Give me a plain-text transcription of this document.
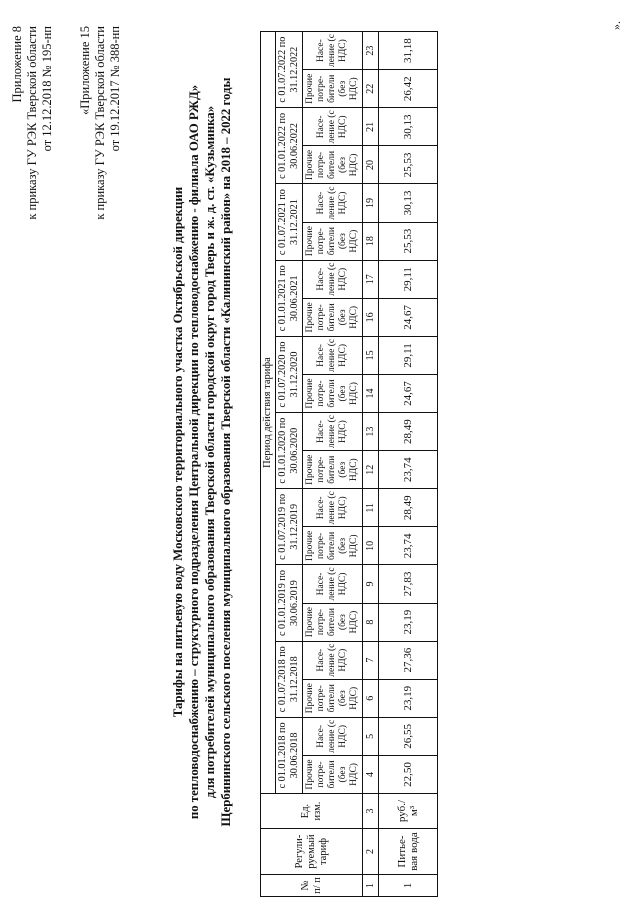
Приложение 8 к приказу ГУ РЭК Тверской области от 12.12.2018 № 195-нп «Приложение 15 к приказу ГУ РЭК Тверской области от 19.12.2017 № 388-нп
Тарифы на питьевую воду Московского территориального участка Октябрьской дирекции по тепловодоснабжению – структурного подразделения Центральной дирекции по тепловодоснабжению - филиала ОАО РЖД» для потребителей муниципального образования Тверской области городской округ город Тверь и ж. д. ст. «Кузьминка» Щербининского сельского поселения муниципального образования Тверской области «Калининский район» на 2018 – 2022 годы
№ п/ п	Регули-руемый тариф	Ед. изм.	Период действия тарифа																			
			с 01.01.2018 по 30.06.2018		с 01.07.2018 по 31.12.2018		с 01.01.2019 по 30.06.2019		с 01.07.2019 по 31.12.2019		с 01.01.2020 по 30.06.2020		с 01.07.2020 по 31.12.2020		с 01.01.2021 по 30.06.2021		с 01.07.2021 по 31.12.2021		с 01.01.2022 по 30.06.2022		с 01.07.2022 по 31.12.2022	
			Прочие потре-бители (без НДС)	Насе-ление (с НДС)	Прочие потре-бители (без НДС)	Насе-ление (с НДС)	Прочие потре-бители (без НДС)	Насе-ление (с НДС)	Прочие потре-бители (без НДС)	Насе-ление (с НДС)	Прочие потре-бители (без НДС)	Насе-ление (с НДС)	Прочие потре-бители (без НДС)	Насе-ление (с НДС)	Прочие потре-бители (без НДС)	Насе-ление (с НДС)	Прочие потре-бители (без НДС)	Насе-ление (с НДС)	Прочие потре-бители (без НДС)	Насе-ление (с НДС)	Прочие потре-бители (без НДС)	Насе-ление (с НДС)
1	2	3	4	5	6	7	8	9	10	11	12	13	14	15	16	17	18	19	20	21	22	23
1	Питье-вая вода	руб./ м³	22,50	26,55	23,19	27,36	23,19	27,83	23,74	28,49	23,74	28,49	24,67	29,11	24,67	29,11	25,53	30,13	25,53	30,13	26,42	31,18
».
